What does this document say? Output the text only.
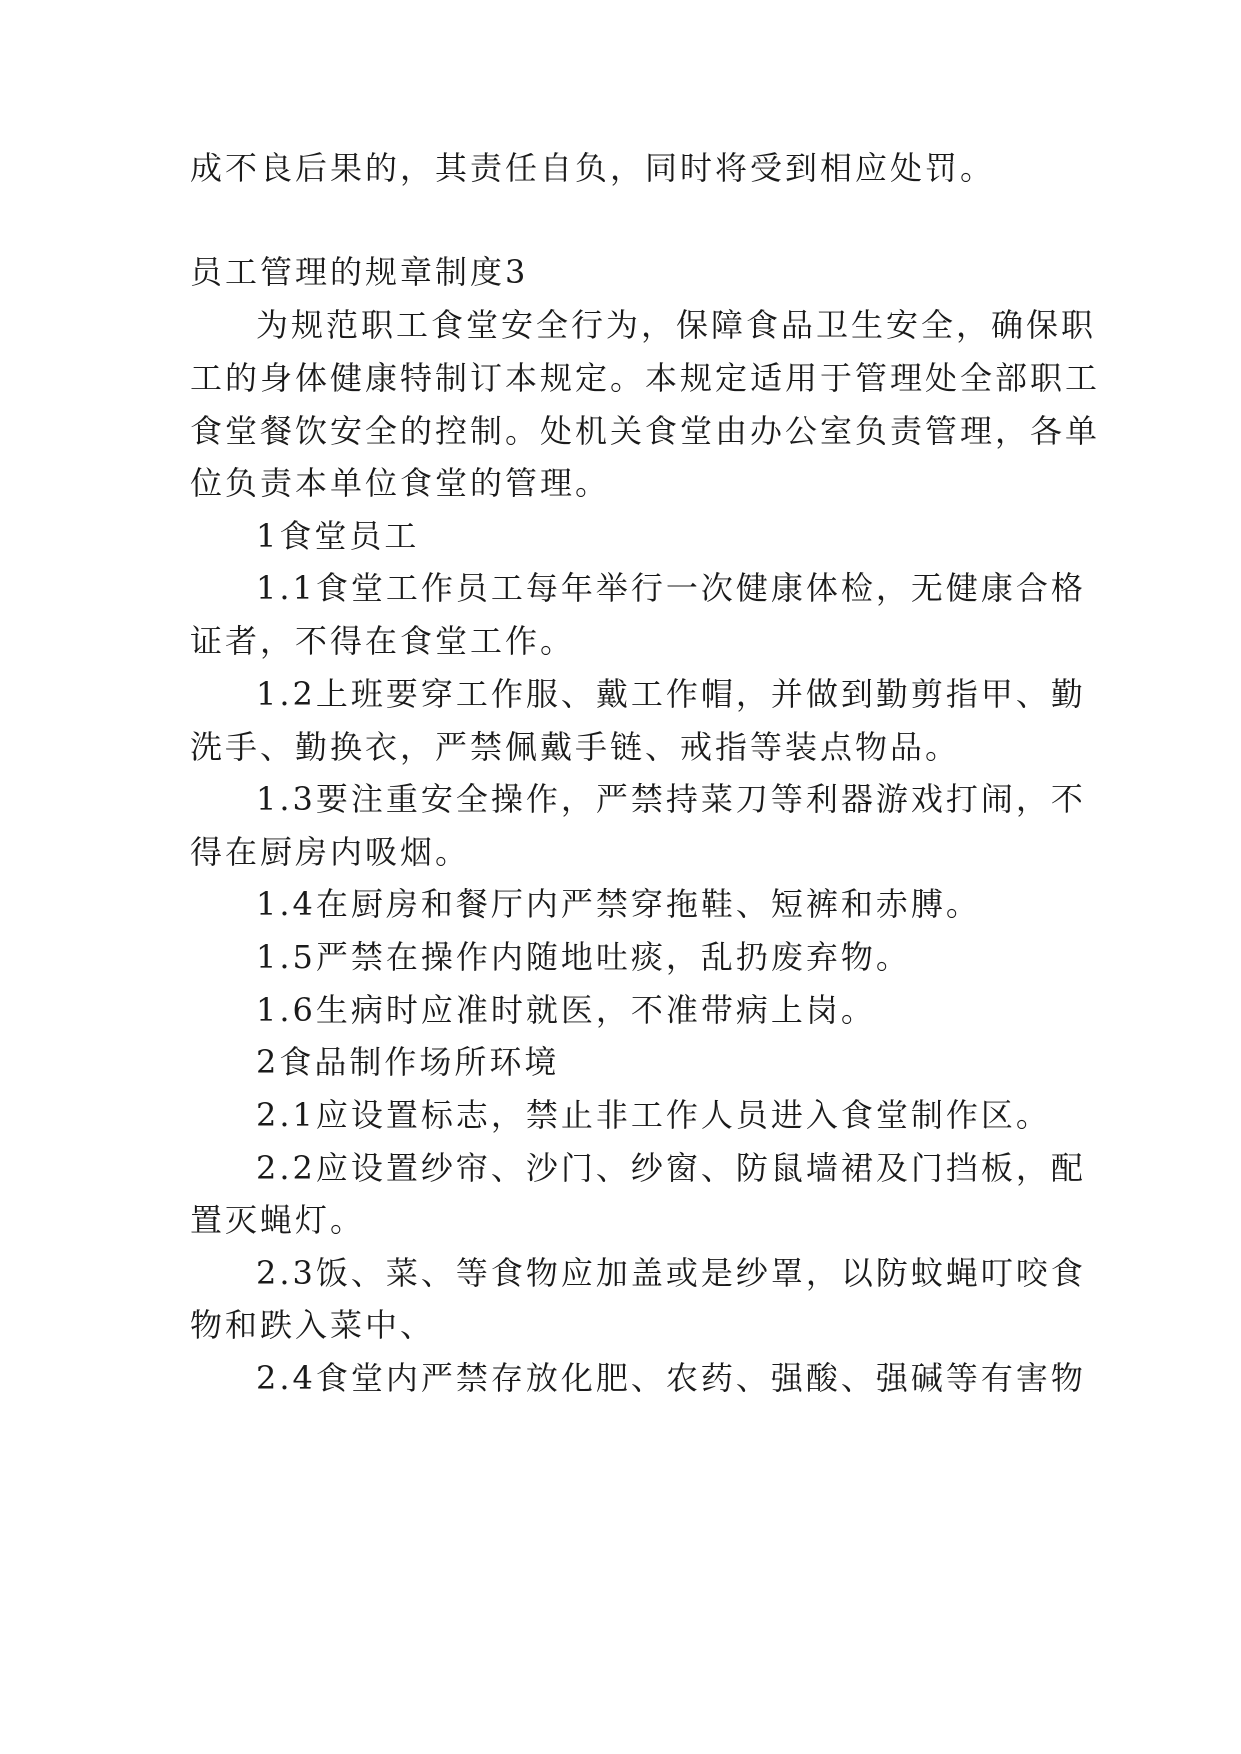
成不良后果的，其责任自负，同时将受到相应处罚。
员工管理的规章制度3
为规范职工食堂安全行为，保障食品卫生安全，确保职
工的身体健康特制订本规定。本规定适用于管理处全部职工
食堂餐饮安全的控制。处机关食堂由办公室负责管理，各单
位负责本单位食堂的管理。
1食堂员工
1.1食堂工作员工每年举行一次健康体检，无健康合格
证者，不得在食堂工作。
1.2上班要穿工作服、戴工作帽，并做到勤剪指甲、勤
洗手、勤换衣，严禁佩戴手链、戒指等装点物品。
1.3要注重安全操作，严禁持菜刀等利器游戏打闹，不
得在厨房内吸烟。
1.4在厨房和餐厅内严禁穿拖鞋、短裤和赤膊。
1.5严禁在操作内随地吐痰，乱扔废弃物。
1.6生病时应准时就医，不准带病上岗。
2食品制作场所环境
2.1应设置标志，禁止非工作人员进入食堂制作区。
2.2应设置纱帘、沙门、纱窗、防鼠墙裙及门挡板，配
置灭蝇灯。
2.3饭、菜、等食物应加盖或是纱罩，以防蚊蝇叮咬食
物和跌入菜中、
2.4食堂内严禁存放化肥、农药、强酸、强碱等有害物
